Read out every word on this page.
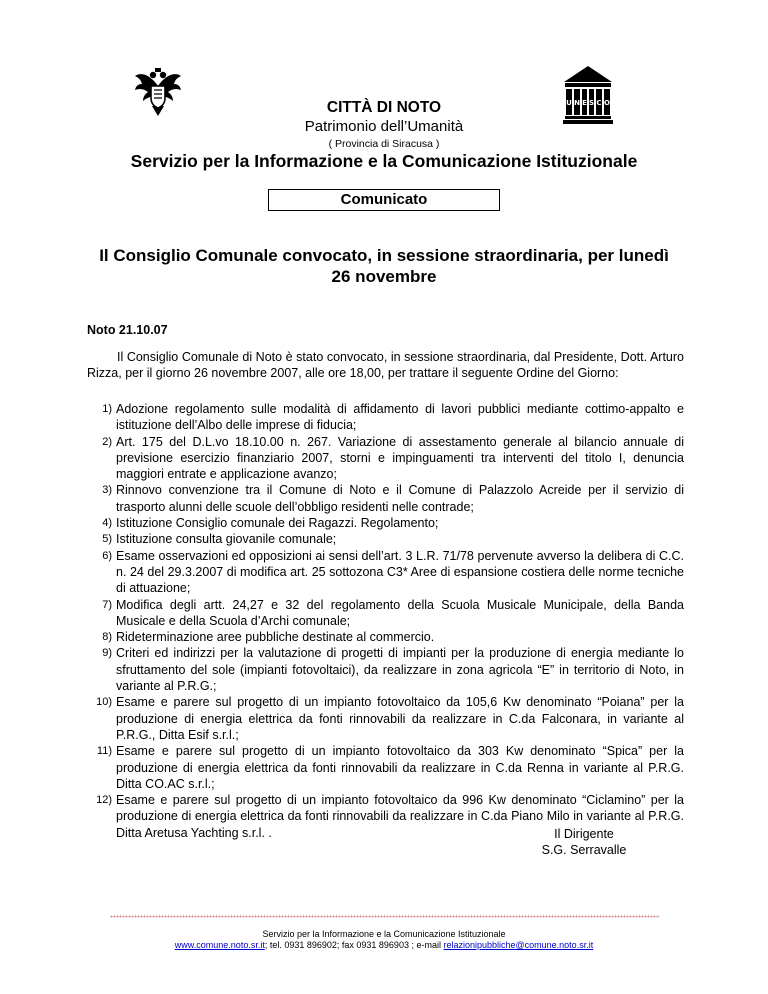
U N E S C O
CITTÀ DI NOTO
Patrimonio dell’Umanità
( Provincia di Siracusa )
Servizio per la Informazione e la Comunicazione Istituzionale
Comunicato
Il Consiglio Comunale convocato, in sessione straordinaria, per lunedì
26 novembre
Noto 21.10.07
Il Consiglio Comunale di Noto è stato convocato, in sessione straordinaria, dal Presidente, Dott. Arturo Rizza, per il giorno 26 novembre 2007, alle ore 18,00, per trattare il seguente Ordine del Giorno:
1) Adozione regolamento sulle modalità di affidamento di lavori pubblici mediante cottimo-appalto e istituzione dell’Albo delle imprese di fiducia;
2) Art. 175 del D.L.vo 18.10.00 n. 267. Variazione di assestamento generale al bilancio annuale di previsione esercizio finanziario 2007, storni e impinguamenti tra interventi del titolo I, denuncia maggiori entrate e applicazione avanzo;
3) Rinnovo convenzione tra il Comune di Noto e il Comune di Palazzolo Acreide per il servizio di trasporto alunni delle scuole dell’obbligo residenti nelle contrade;
4) Istituzione Consiglio comunale dei Ragazzi. Regolamento;
5) Istituzione consulta giovanile comunale;
6) Esame osservazioni ed opposizioni ai sensi dell’art. 3 L.R. 71/78 pervenute avverso la delibera di C.C. n. 24 del 29.3.2007 di modifica art. 25 sottozona C3* Aree di espansione costiera delle norme tecniche di attuazione;
7) Modifica degli artt. 24,27 e 32 del regolamento della Scuola Musicale Municipale, della Banda Musicale e della Scuola d’Archi comunale;
8) Rideterminazione aree pubbliche destinate al commercio.
9) Criteri ed indirizzi per la valutazione di progetti di impianti per la produzione di energia mediante lo sfruttamento del sole (impianti fotovoltaici), da realizzare in zona agricola “E” in territorio di Noto, in variante al P.R.G.;
10) Esame e parere sul progetto di un impianto fotovoltaico da 105,6 Kw denominato “Poiana” per la produzione di energia elettrica da fonti rinnovabili da realizzare in C.da Falconara, in variante al P.R.G., Ditta Esif s.r.l.;
11) Esame e parere sul progetto di un impianto fotovoltaico da 303 Kw denominato “Spica” per la produzione di energia elettrica da fonti rinnovabili da realizzare in C.da Renna in variante al P.R.G. Ditta CO.AC s.r.l.;
12) Esame e parere sul progetto di un impianto fotovoltaico da 996 Kw denominato “Ciclamino” per la produzione di energia elettrica da fonti rinnovabili da realizzare in C.da Piano Milo in variante al P.R.G. Ditta Aretusa Yachting s.r.l. .	Il Dirigente
S.G. Serravalle
Servizio per la Informazione e la Comunicazione Istituzionale
www.comune.noto.sr.it; tel. 0931 896902; fax 0931 896903 ; e-mail relazionipubbliche@comune.noto.sr.it
